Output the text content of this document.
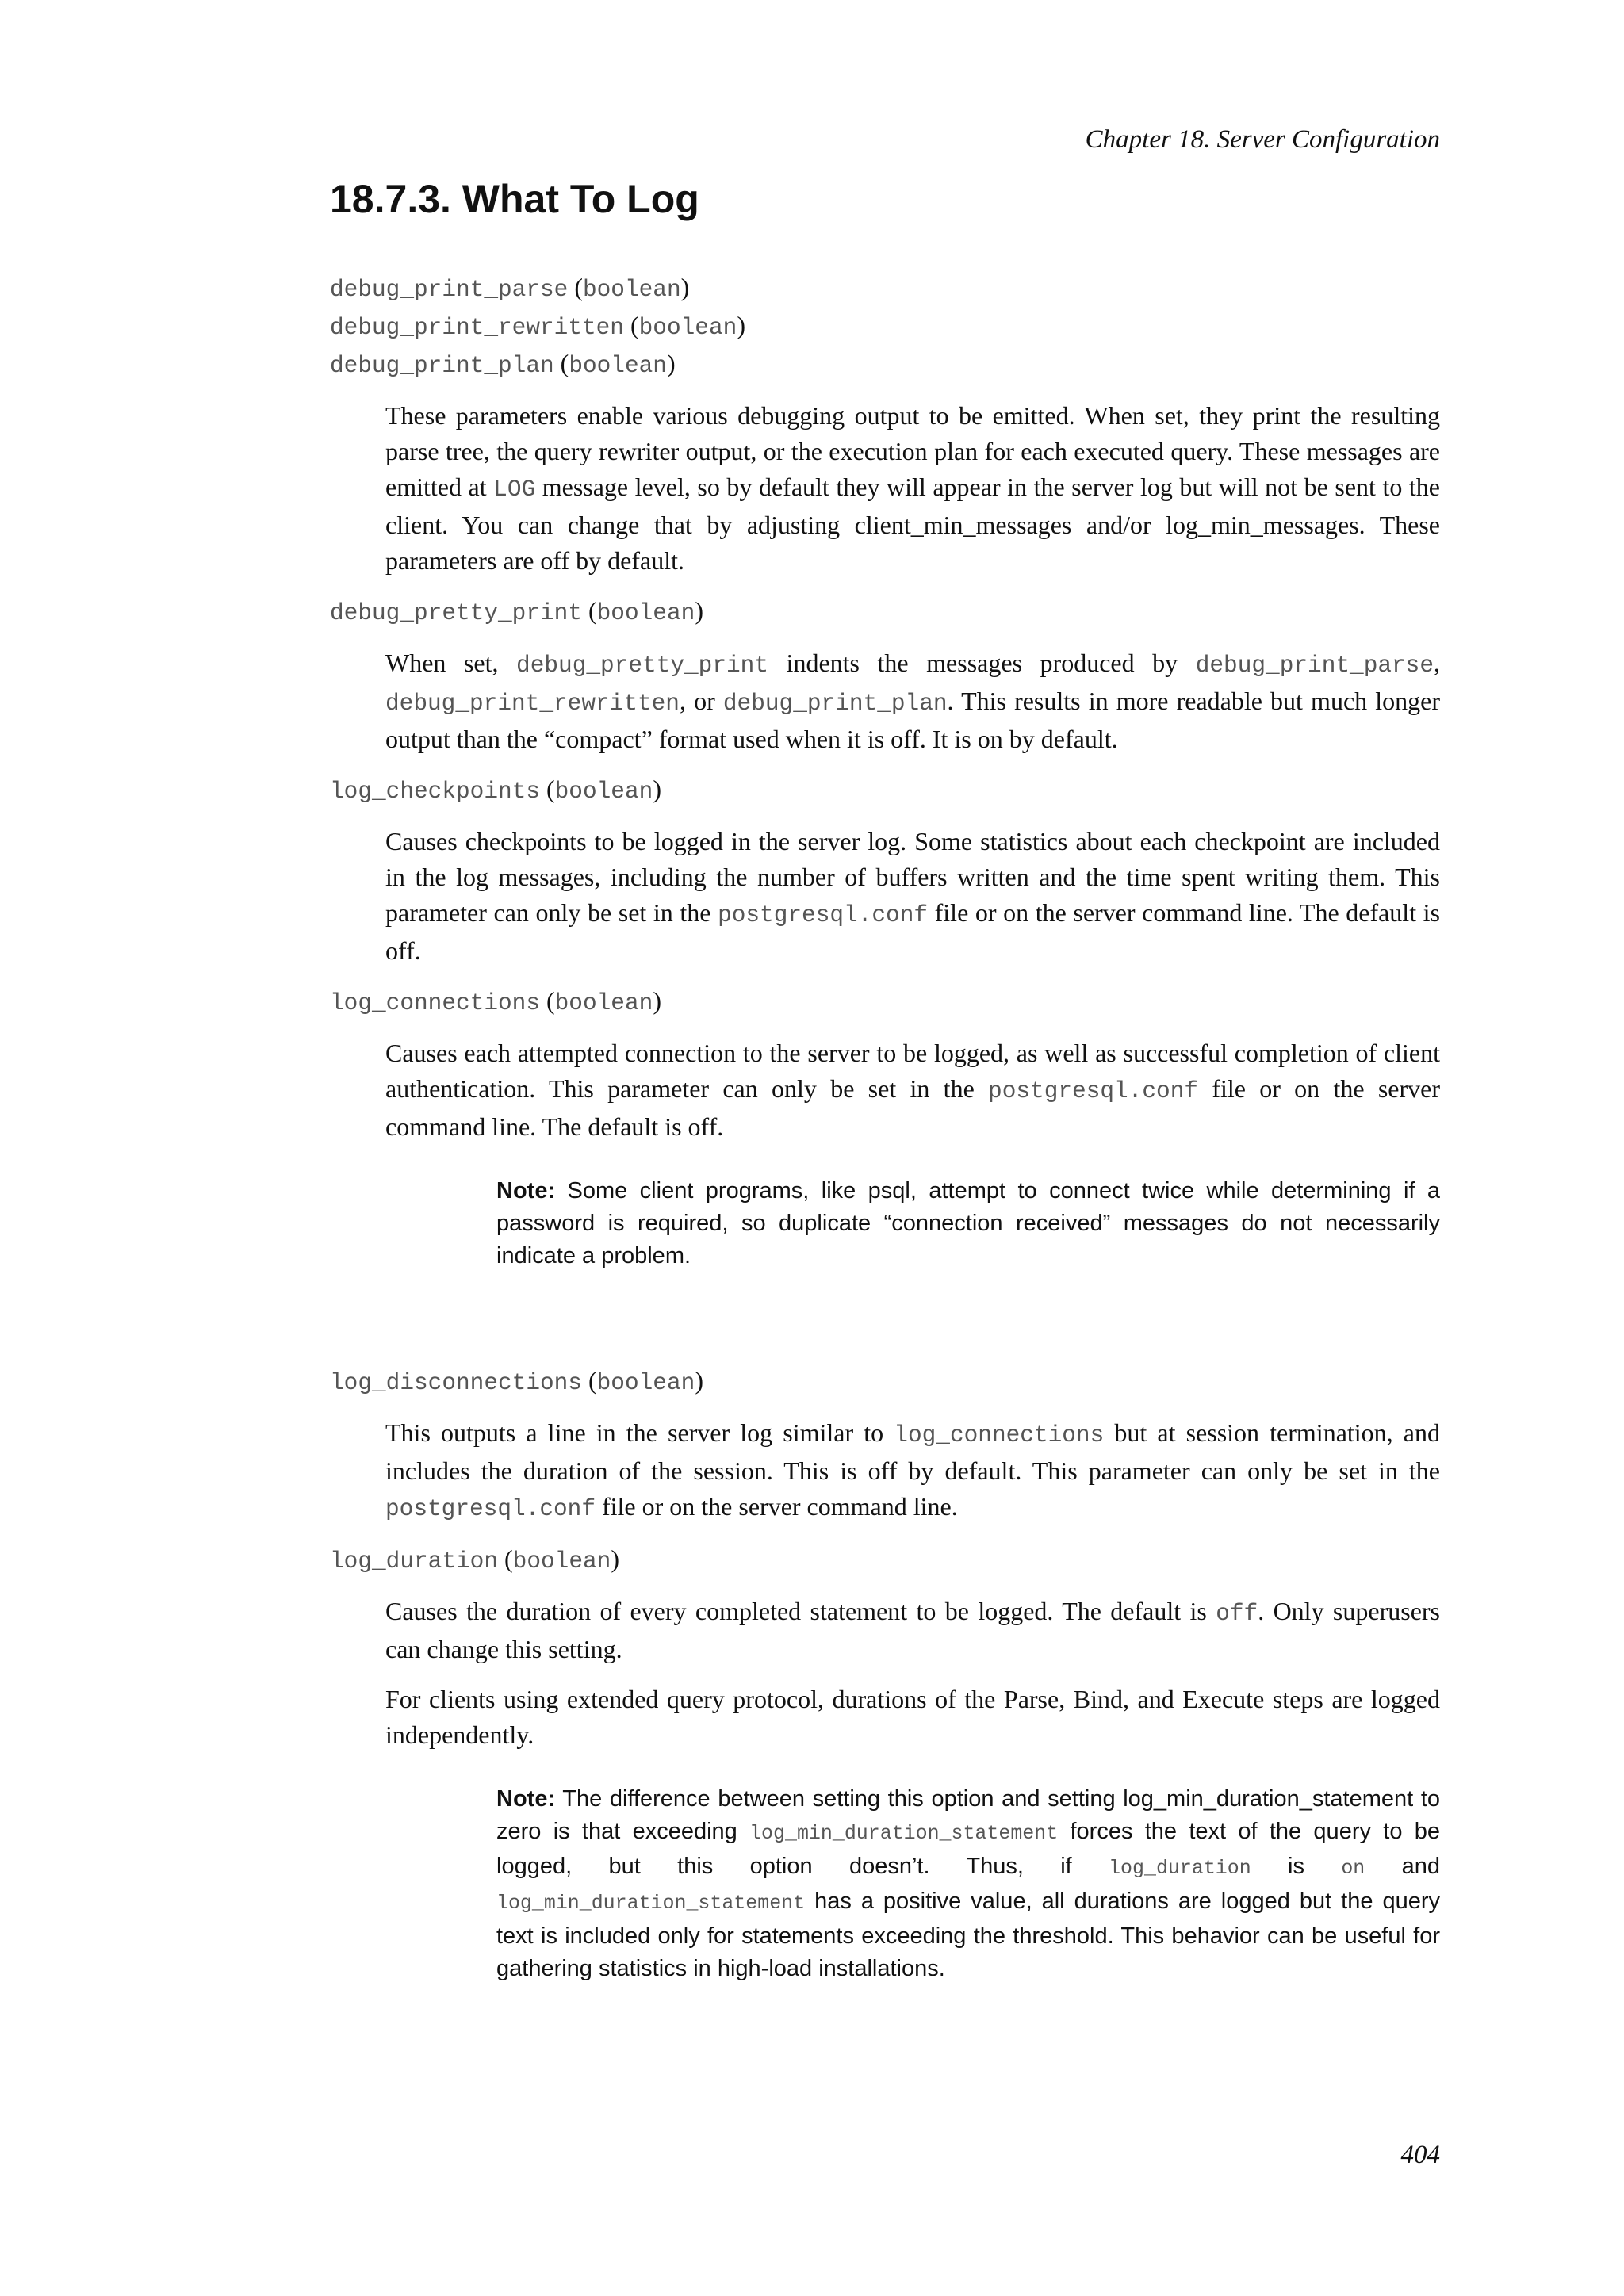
Chapter 18. Server Configuration
18.7.3. What To Log
debug_print_parse (boolean)
debug_print_rewritten (boolean)
debug_print_plan (boolean)

These parameters enable various debugging output to be emitted. When set, they print the resulting parse tree, the query rewriter output, or the execution plan for each executed query. These messages are emitted at LOG message level, so by default they will appear in the server log but will not be sent to the client. You can change that by adjusting client_min_messages and/or log_min_messages. These parameters are off by default.

debug_pretty_print (boolean)

When set, debug_pretty_print indents the messages produced by debug_print_parse, debug_print_rewritten, or debug_print_plan. This results in more readable but much longer output than the “compact” format used when it is off. It is on by default.

log_checkpoints (boolean)

Causes checkpoints to be logged in the server log. Some statistics about each checkpoint are included in the log messages, including the number of buffers written and the time spent writing them. This parameter can only be set in the postgresql.conf file or on the server command line. The default is off.

log_connections (boolean)

Causes each attempted connection to the server to be logged, as well as successful completion of client authentication. This parameter can only be set in the postgresql.conf file or on the server command line. The default is off.

Note: Some client programs, like psql, attempt to connect twice while determining if a password is required, so duplicate “connection received” messages do not necessarily indicate a problem.
log_disconnections (boolean)

This outputs a line in the server log similar to log_connections but at session termination, and includes the duration of the session. This is off by default. This parameter can only be set in the postgresql.conf file or on the server command line.

log_duration (boolean)

Causes the duration of every completed statement to be logged. The default is off. Only superusers can change this setting.

For clients using extended query protocol, durations of the Parse, Bind, and Execute steps are logged independently.

Note: The difference between setting this option and setting log_min_duration_statement to zero is that exceeding log_min_duration_statement forces the text of the query to be logged, but this option doesn’t. Thus, if log_duration is on and log_min_duration_statement has a positive value, all durations are logged but the query text is included only for statements exceeding the threshold. This behavior can be useful for gathering statistics in high-load installations.
404
